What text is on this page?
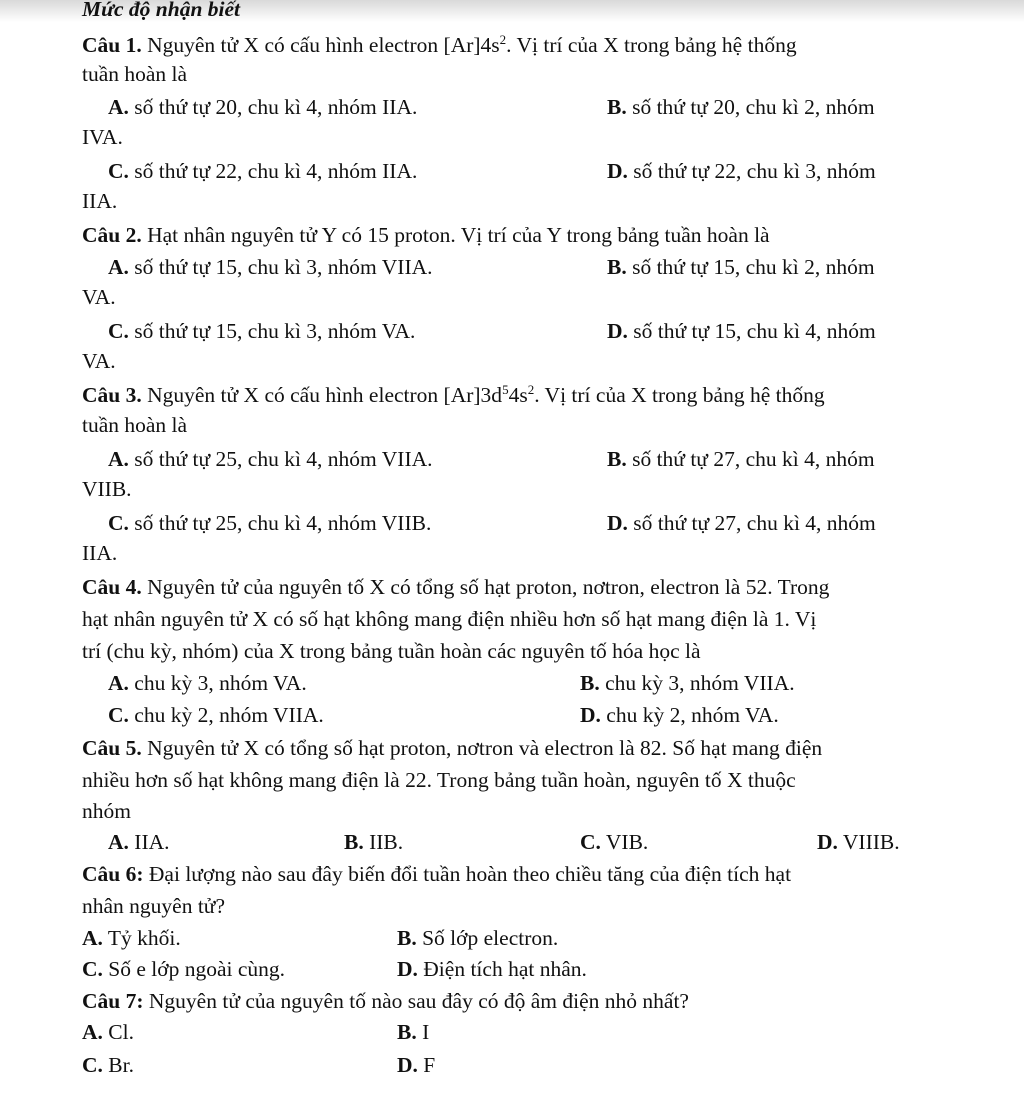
Mức độ nhận biết
Câu 1. Nguyên tử X có cấu hình electron $[Ar]4s^2$. Vị trí của X trong bảng hệ thống
tuần hoàn là
A. số thứ tự 20, chu kì 4, nhóm IIA.	B. số thứ tự 20, chu kì 2, nhóm
IVA.
C. số thứ tự 22, chu kì 4, nhóm IIA.	D. số thứ tự 22, chu kì 3, nhóm
IIA.
Câu 2. Hạt nhân nguyên tử Y có 15 proton. Vị trí của Y trong bảng tuần hoàn là
A. số thứ tự 15, chu kì 3, nhóm VIIA.	B. số thứ tự 15, chu kì 2, nhóm
VA.
C. số thứ tự 15, chu kì 3, nhóm VA.	D. số thứ tự 15, chu kì 4, nhóm
VA.
Câu 3. Nguyên tử X có cấu hình electron $[Ar]3d^54s^2$. Vị trí của X trong bảng hệ thống
tuần hoàn là
A. số thứ tự 25, chu kì 4, nhóm VIIA.	B. số thứ tự 27, chu kì 4, nhóm
VIIB.
C. số thứ tự 25, chu kì 4, nhóm VIIB.	D. số thứ tự 27, chu kì 4, nhóm
IIA.
Câu 4. Nguyên tử của nguyên tố X có tổng số hạt proton, nơtron, electron là 52. Trong
hạt nhân nguyên tử X có số hạt không mang điện nhiều hơn số hạt mang điện là 1. Vị
trí (chu kỳ, nhóm) của X trong bảng tuần hoàn các nguyên tố hóa học là
A. chu kỳ 3, nhóm VA.	B. chu kỳ 3, nhóm VIIA.
C. chu kỳ 2, nhóm VIIA.	D. chu kỳ 2, nhóm VA.
Câu 5. Nguyên tử X có tổng số hạt proton, nơtron và electron là 82. Số hạt mang điện
nhiều hơn số hạt không mang điện là 22. Trong bảng tuần hoàn, nguyên tố X thuộc
nhóm
A. IIA.	B. IIB.	C. VIB.	D. VIIIB.
Câu 6: Đại lượng nào sau đây biến đổi tuần hoàn theo chiều tăng của điện tích hạt
nhân nguyên tử?
A. Tỷ khối.	B. Số lớp electron.
C. Số e lớp ngoài cùng.	D. Điện tích hạt nhân.
Câu 7: Nguyên tử của nguyên tố nào sau đây có độ âm điện nhỏ nhất?
A. Cl.	B. I
C. Br.	D. F
